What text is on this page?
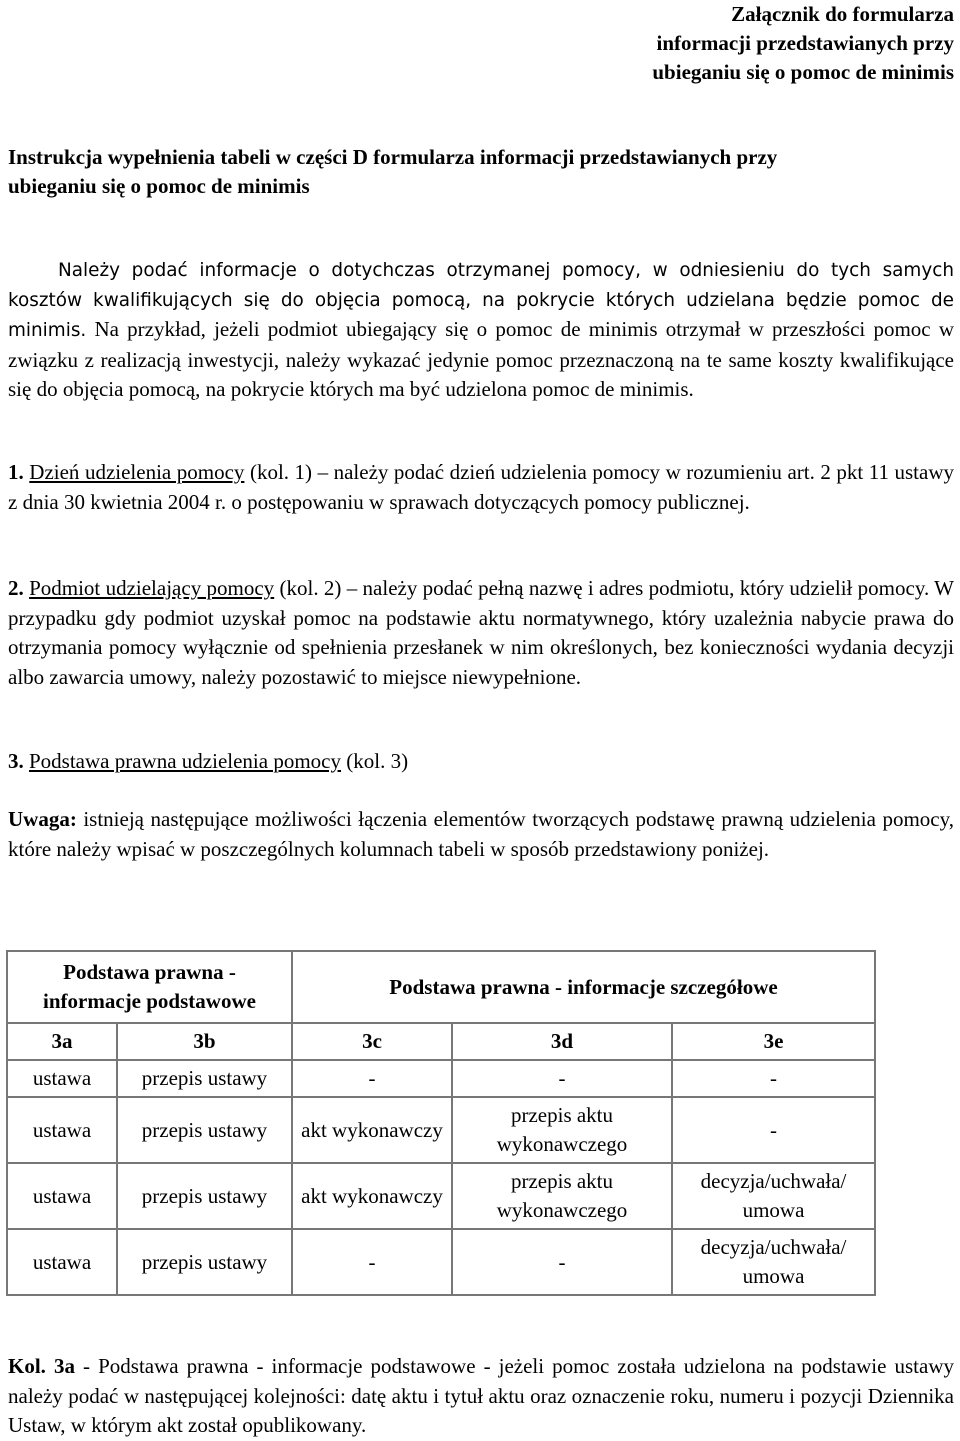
Załącznik do formularza
informacji przedstawianych przy
ubieganiu się o pomoc de minimis
Instrukcja wypełnienia tabeli w części D formularza informacji przedstawianych przy
ubieganiu się o pomoc de minimis

Należy podać informacje o dotychczas otrzymanej pomocy, w odniesieniu do tych samych kosztów kwalifikujących się do objęcia pomocą, na pokrycie których udzielana będzie pomoc de minimis. Na przykład, jeżeli podmiot ubiegający się o pomoc de minimis otrzymał w przeszłości pomoc w związku z realizacją inwestycji, należy wykazać jedynie pomoc przeznaczoną na te same koszty kwalifikujące się do objęcia pomocą, na pokrycie których ma być udzielona pomoc de minimis.

1. Dzień udzielenia pomocy (kol. 1) – należy podać dzień udzielenia pomocy w rozumieniu art. 2 pkt 11 ustawy z dnia 30 kwietnia 2004 r. o postępowaniu w sprawach dotyczących pomocy publicznej.

2. Podmiot udzielający pomocy (kol. 2) – należy podać pełną nazwę i adres podmiotu, który udzielił pomocy. W przypadku gdy podmiot uzyskał pomoc na podstawie aktu normatywnego, który uzależnia nabycie prawa do otrzymania pomocy wyłącznie od spełnienia przesłanek w nim określonych, bez konieczności wydania decyzji albo zawarcia umowy, należy pozostawić to miejsce niewypełnione.

3. Podstawa prawna udzielenia pomocy (kol. 3)

Uwaga: istnieją następujące możliwości łączenia elementów tworzących podstawę prawną udzielenia pomocy, które należy wpisać w poszczególnych kolumnach tabeli w sposób przedstawiony poniżej.

Podstawa prawna - informacje podstawowe		Podstawa prawna - informacje szczegółowe		
3a	3b	3c	3d	3e
ustawa	przepis ustawy	-	-	-
ustawa	przepis ustawy	akt wykonawczy	przepis aktu wykonawczego	-
ustawa	przepis ustawy	akt wykonawczy	przepis aktu wykonawczego	decyzja/uchwała/ umowa
ustawa	przepis ustawy	-	-	decyzja/uchwała/ umowa

Kol. 3a - Podstawa prawna - informacje podstawowe - jeżeli pomoc została udzielona na podstawie ustawy należy podać w następującej kolejności: datę aktu i tytuł aktu oraz oznaczenie roku, numeru i pozycji Dziennika Ustaw, w którym akt został opublikowany.
